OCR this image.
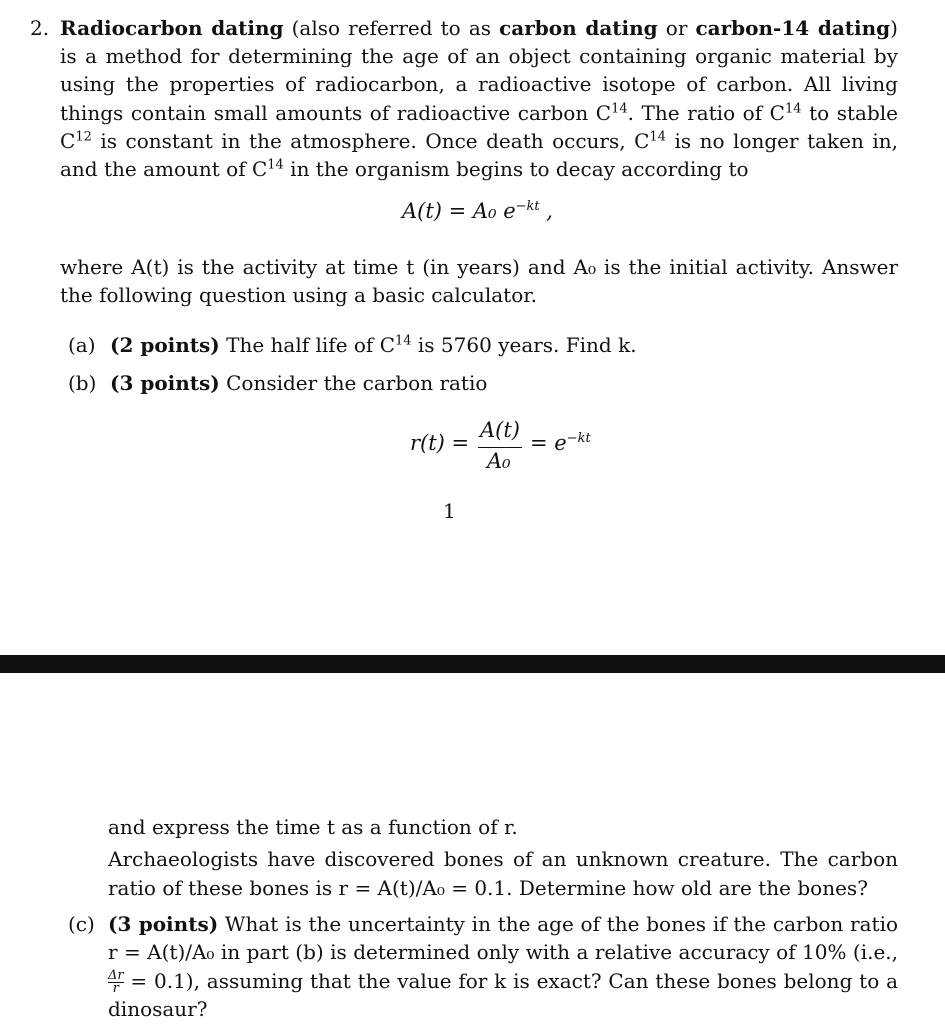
2. Radiocarbon dating (also referred to as carbon dating or carbon-14 dating) is a method for determining the age of an object containing organic material by using the properties of radiocarbon, a radioactive isotope of carbon. All living things contain small amounts of radioactive carbon $C^{14}$. The ratio of $C^{14}$ to stable $C^{12}$ is constant in the atmosphere. Once death occurs, $C^{14}$ is no longer taken in, and the amount of $C^{14}$ in the organism begins to decay according to
A(t) = A₀ $e^{-kt}$ ,
where A(t) is the activity at time t (in years) and A₀ is the initial activity. Answer the following question using a basic calculator.
(a) (2 points) The half life of $C^{14}$ is 5760 years. Find k.
(b) (3 points) Consider the carbon ratio
r(t) =
A(t)
A₀
= $e^{-kt}$
1
and express the time t as a function of r.
Archaeologists have discovered bones of an unknown creature. The carbon ratio of these bones is r = A(t)/A₀ = 0.1. Determine how old are the bones?
(c) (3 points) What is the uncertainty in the age of the bones if the carbon ratio r = A(t)/A₀ in part (b) is determined only with a relative accuracy of 10% (i.e.,
$\frac{\Delta r}{r} = 0.1$), assuming that the value for k is exact? Can these bones belong to a dinosaur?
